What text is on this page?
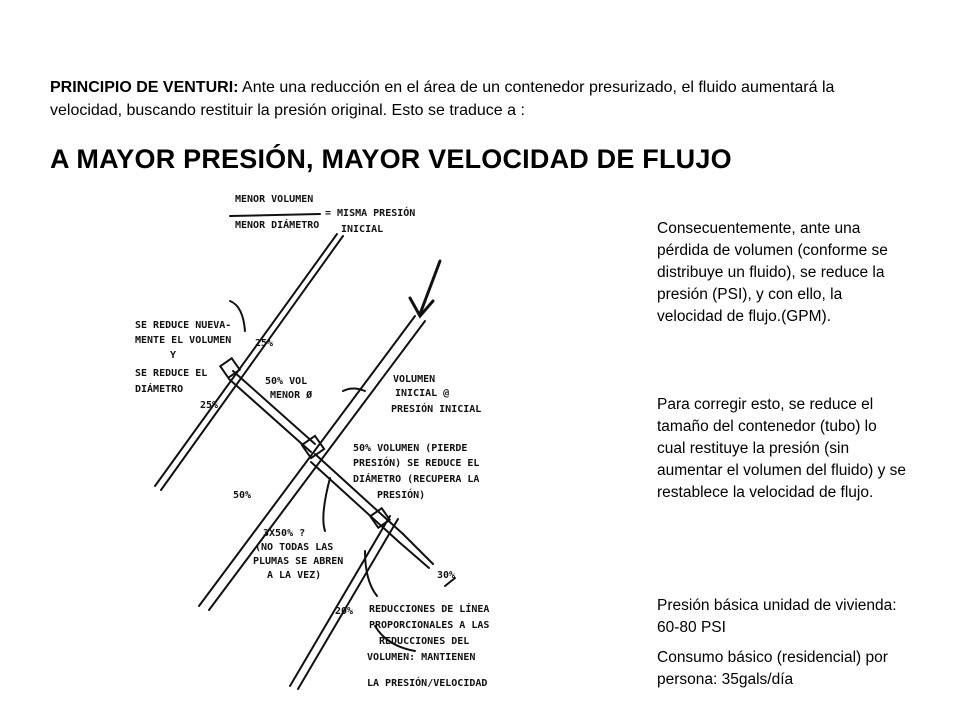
PRINCIPIO DE VENTURI: Ante una reducción en el área de un contenedor presurizado, el fluido aumentará la velocidad, buscando restituir la presión original. Esto se traduce a :
A MAYOR PRESIÓN, MAYOR VELOCIDAD DE FLUJO
MENOR VOLUMEN
MENOR DIÁMETRO
= MISMA PRESIÓN
INICIAL
SE REDUCE NUEVA-
MENTE EL VOLUMEN
Y
SE REDUCE EL
DIÁMETRO
25%
25%
50% VOL
MENOR Ø
VOLUMEN
INICIAL @
PRESIÓN INICIAL
50% VOLUMEN (PIERDE
PRESIÓN) SE REDUCE EL
DIÁMETRO (RECUPERA LA
PRESIÓN)
50%
3X50% ?
(NO TODAS LAS
PLUMAS SE ABREN
A LA VEZ)	30%
20% REDUCCIONES DE LÍNEA
PROPORCIONALES A LAS
REDUCCIONES DEL
VOLUMEN: MANTIENEN
LA PRESIÓN/VELOCIDAD
Consecuentemente, ante una pérdida de volumen (conforme se distribuye un fluido), se reduce la presión (PSI), y con ello, la velocidad de flujo.(GPM).
Para corregir esto, se reduce el tamaño del contenedor (tubo) lo cual restituye la presión (sin aumentar el volumen del fluido) y se restablece la velocidad de flujo.
Presión básica unidad de vivienda: 60-80 PSI
Consumo básico (residencial) por persona: 35gals/día
